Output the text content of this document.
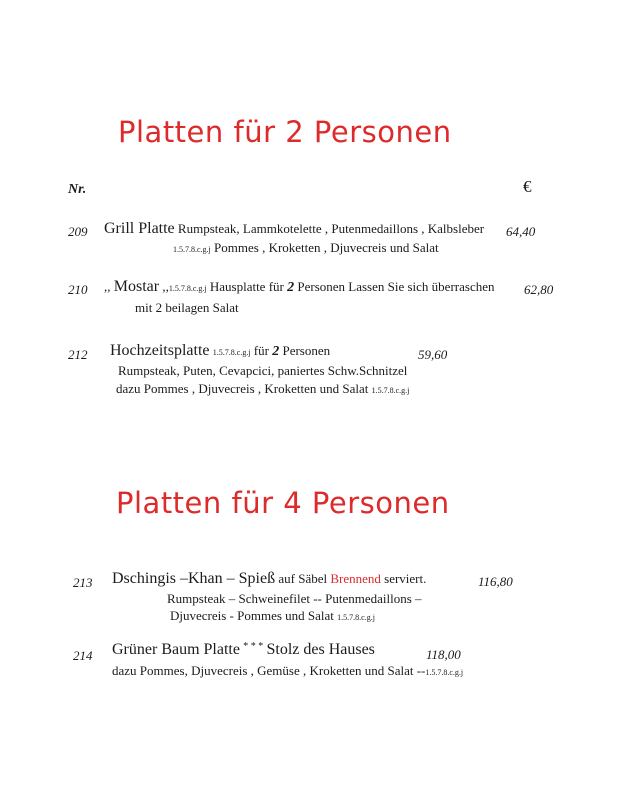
Platten für 2 Personen
Nr.	€
209 Grill Platte Rumpsteak, Lammkotelette , Putenmedaillons , Kalbsleber 64,40
1.5.7.8.c.g.j Pommes , Kroketten , Djuvecreis und Salat
210 ,, Mostar ,,1.5.7.8.c.g.j Hausplatte für 2 Personen Lassen Sie sich überraschen 62,80
mit 2 beilagen Salat
212 Hochzeitsplatte 1.5.7.8.c.g.j für 2 Personen	59,60
Rumpsteak, Puten, Cevapcici, paniertes Schw.Schnitzel
dazu Pommes , Djuvecreis , Kroketten und Salat 1.5.7.8.c.g.j
Platten für 4 Personen
213 Dschingis –Khan – Spieß auf Säbel Brennend serviert.	116,80
Rumpsteak – Schweinefilet -- Putenmedaillons –
Djuvecreis - Pommes und Salat 1.5.7.8.c.g.j
214 Grüner Baum Platte * * * Stolz des Hauses	118,00
dazu Pommes, Djuvecreis , Gemüse , Kroketten und Salat --1.5.7.8.c.g.j
